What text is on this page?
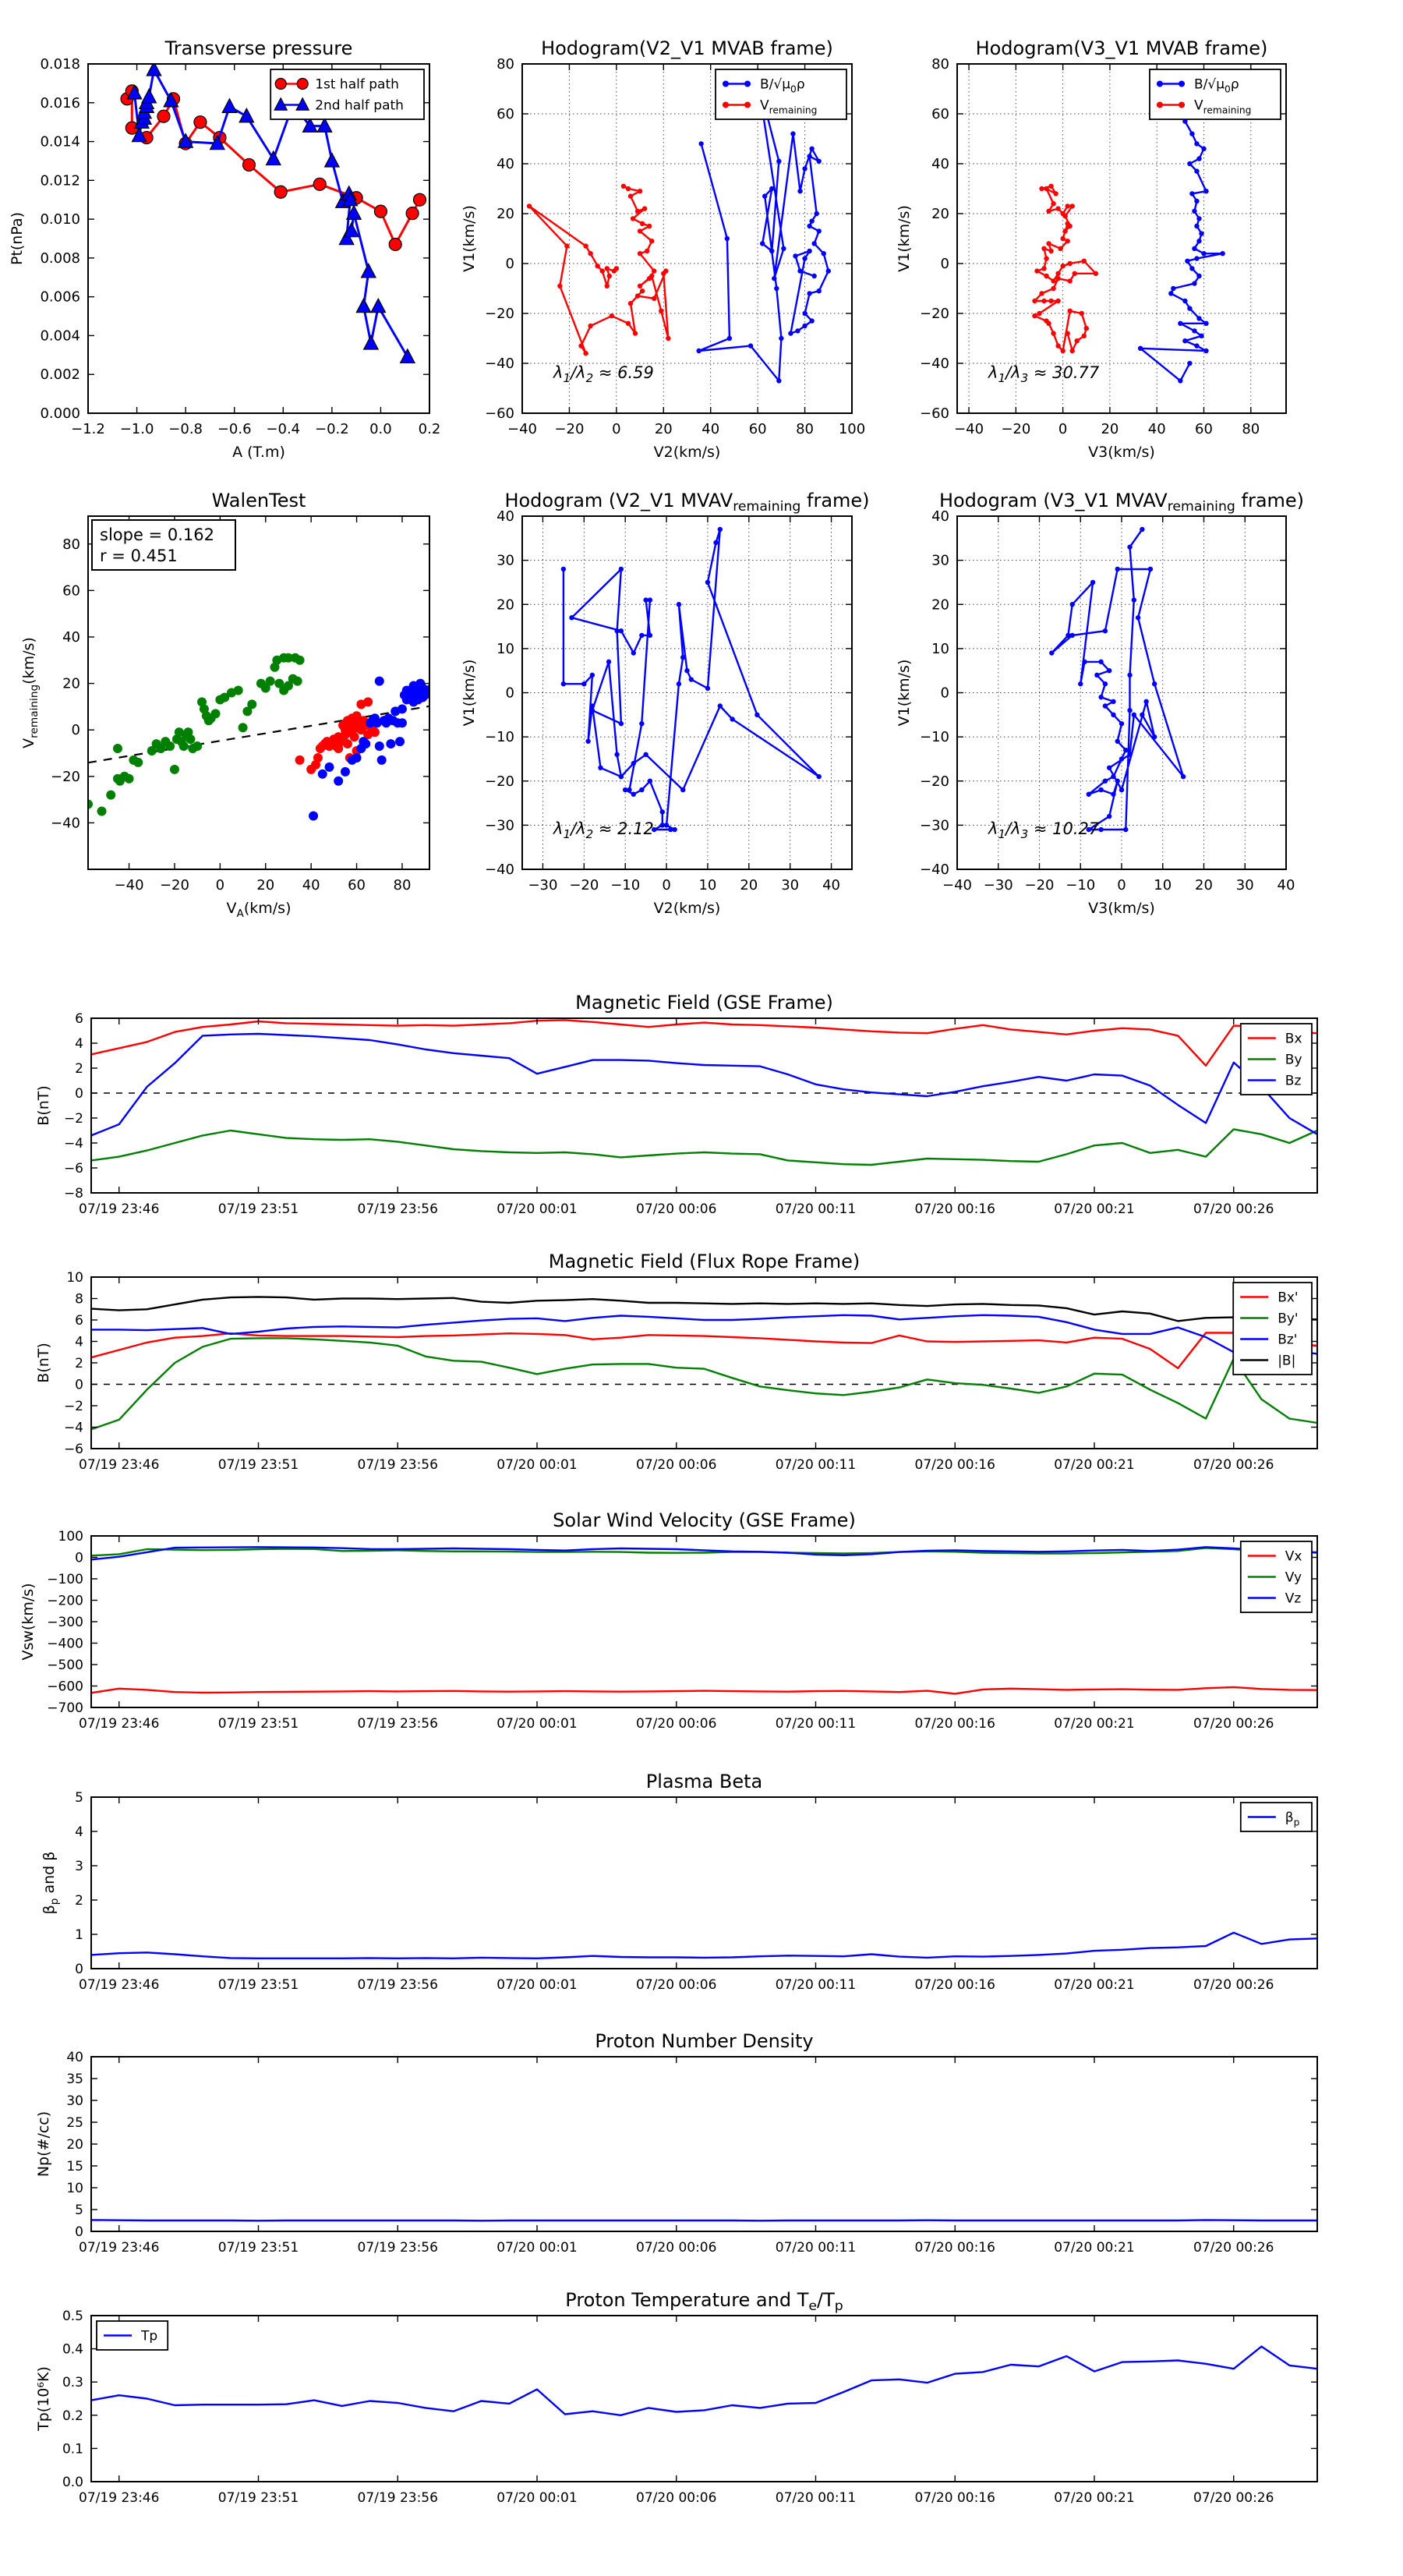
−1.2 −1.0 −0.8 −0.6 −0.4 −0.2 0.0 0.2
0.000
0.002
0.004
0.006
0.008
0.010
0.012
0.014
0.016
0.018
Transverse pressure
A (T.m)
Pt(nPa)
1st half path
2nd half path
−40 −20 0 20 40 60 80 100
−60
−40
−20
0
20
40
60
80
Hodogram(V2_V1 MVAB frame)
V2(km/s)
V1(km/s)
$B/√\mu_0\rho$
$V_{remaining}$
$\lambda_1/\lambda_2 \approx 6.59$
−40 −20 0 20 40 60 80
−60
−40
−20
0
20
40
60
80
Hodogram(V3_V1 MVAB frame)
V3(km/s)
V1(km/s)
$B/√\mu_0\rho$
$V_{remaining}$
$\lambda_1/\lambda_3 \approx 30.77$
−40 −20 0 20 40 60 80
−40
−20
0
20
40
60
80
WalenTest
$V_A(km/s)$
$V_{remaining}(km/s)$
slope = 0.162
r = 0.451
−30 −20 −10 0 10 20 30 40
−40
−30
−20
−10
0
10
20
30
40
Hodogram (V2_V1 $MVAV_{remaining}$ frame)
V2(km/s)
V1(km/s)
$\lambda_1/\lambda_2 \approx 2.12$
−40 −30 −20 −10 0 10 20 30 40
−40
−30
−20
−10
0
10
20
30
40
Hodogram (V3_V1 $MVAV_{remaining}$ frame)
V3(km/s)
V1(km/s)
$\lambda_1/\lambda_3 \approx 10.27$
07/19 23:46	07/19 23:51	07/19 23:56	07/20 00:01	07/20 00:06	07/20 00:11	07/20 00:16	07/20 00:21	07/20 00:26
−8
−6
−4
−2
0
2
4
6
Magnetic Field (GSE Frame)
B(nT)
Bx
By
Bz
07/19 23:46	07/19 23:51	07/19 23:56	07/20 00:01	07/20 00:06	07/20 00:11	07/20 00:16	07/20 00:21	07/20 00:26
−6
−4
−2
0
2
4
6
8
10
Magnetic Field (Flux Rope Frame)
B(nT)
Bx'
By'
Bz'
|B|
07/19 23:46	07/19 23:51	07/19 23:56	07/20 00:01	07/20 00:06	07/20 00:11	07/20 00:16	07/20 00:21	07/20 00:26
−700
−600
−500
−400
−300
−200
−100
0
100
Solar Wind Velocity (GSE Frame)
Vsw(km/s)
Vx
Vy
Vz
07/19 23:46	07/19 23:51	07/19 23:56	07/20 00:01	07/20 00:06	07/20 00:11	07/20 00:16	07/20 00:21	07/20 00:26
0
1
2
3
4
5
Plasma Beta
$\beta_p$ and β
$\beta_p$
07/19 23:46	07/19 23:51	07/19 23:56	07/20 00:01	07/20 00:06	07/20 00:11	07/20 00:16	07/20 00:21	07/20 00:26
0
5
10
15
20
25
30
35
40
Proton Number Density
Np(#/cc)
07/19 23:46	07/19 23:51	07/19 23:56	07/20 00:01	07/20 00:06	07/20 00:11	07/20 00:16	07/20 00:21	07/20 00:26
0.0
0.1
0.2
0.3
0.4
0.5
Proton Temperature and $T_e/T_p$
Tp(10⁶K)
Tp
